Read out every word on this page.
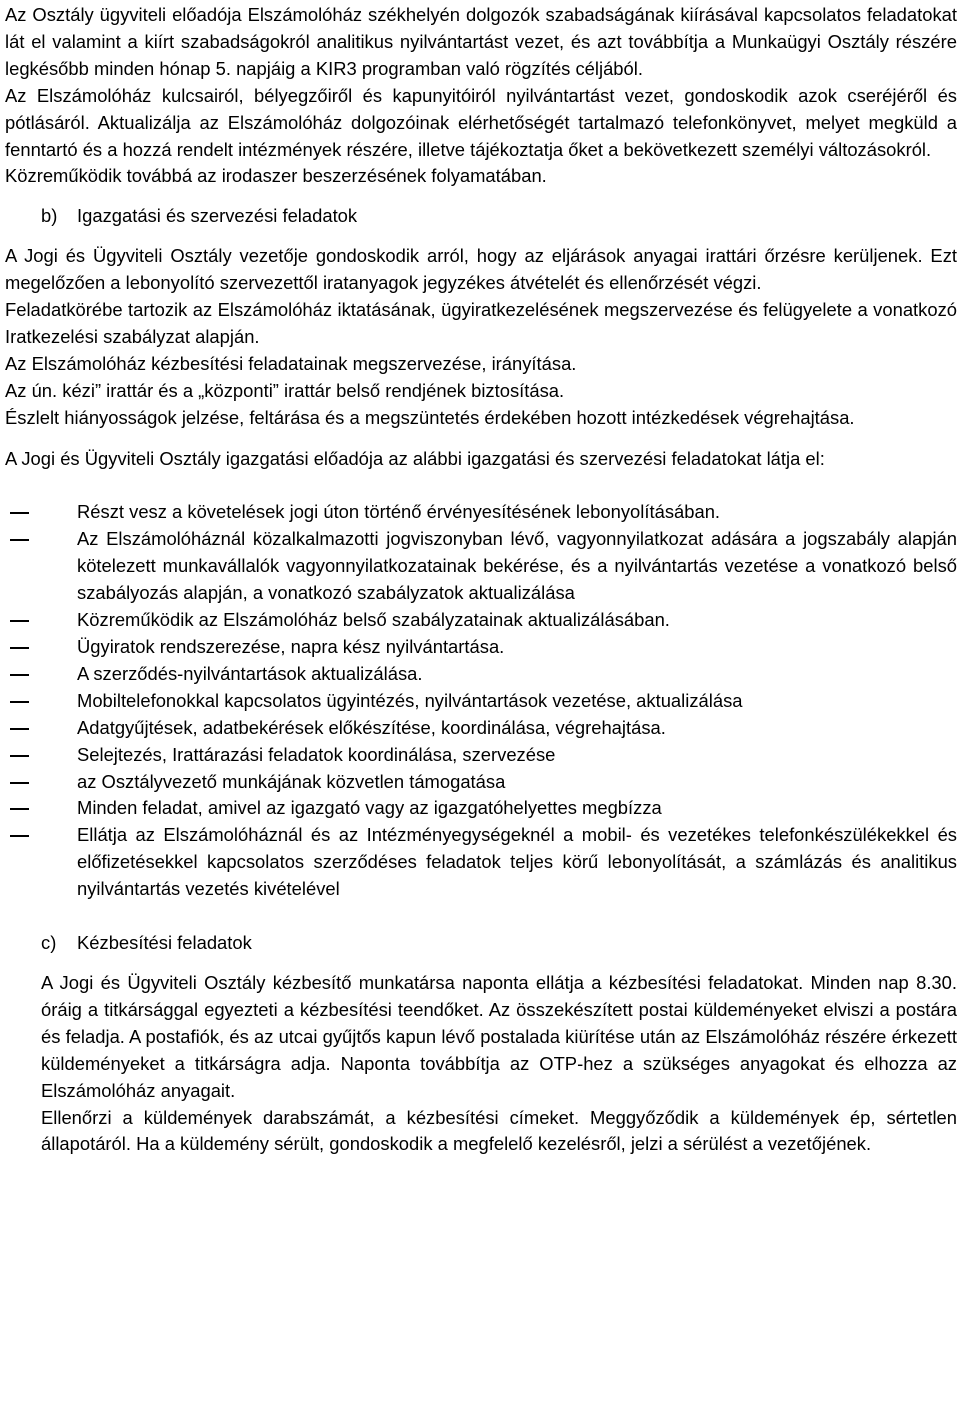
Az Osztály ügyviteli előadója Elszámolóház székhelyén dolgozók szabadságának kiírásával kapcsolatos feladatokat lát el valamint a kiírt szabadságokról analitikus nyilvántartást vezet, és azt továbbítja a Munkaügyi Osztály részére legkésőbb minden hónap 5. napjáig a KIR3 programban való rögzítés céljából.

Az Elszámolóház kulcsairól, bélyegzőiről és kapunyitóiról nyilvántartást vezet, gondoskodik azok cseréjéről és pótlásáról. Aktualizálja az Elszámolóház dolgozóinak elérhetőségét tartalmazó telefonkönyvet, melyet megküld a fenntartó és a hozzá rendelt intézmények részére, illetve tájékoztatja őket a bekövetkezett személyi változásokról.

Közreműködik továbbá az irodaszer beszerzésének folyamatában.

b) Igazgatási és szervezési feladatok

A Jogi és Ügyviteli Osztály vezetője gondoskodik arról, hogy az eljárások anyagai irattári őrzésre kerüljenek. Ezt megelőzően a lebonyolító szervezettől iratanyagok jegyzékes átvételét és ellenőrzését végzi.

Feladatkörébe tartozik az Elszámolóház iktatásának, ügyiratkezelésének megszervezése és felügyelete a vonatkozó Iratkezelési szabályzat alapján.

Az Elszámolóház kézbesítési feladatainak megszervezése, irányítása.

Az ún. kézi” irattár és a „központi” irattár belső rendjének biztosítása.

Észlelt hiányosságok jelzése, feltárása és a megszüntetés érdekében hozott intézkedések végrehajtása.

A Jogi és Ügyviteli Osztály igazgatási előadója az alábbi igazgatási és szervezési feladatokat látja el:

Részt vesz a követelések jogi úton történő érvényesítésének lebonyolításában.
Az Elszámolóháznál közalkalmazotti jogviszonyban lévő, vagyonnyilatkozat adására a jogszabály alapján kötelezett munkavállalók vagyonnyilatkozatainak bekérése, és a nyilvántartás vezetése a vonatkozó belső szabályozás alapján, a vonatkozó szabályzatok aktualizálása
Közreműködik az Elszámolóház belső szabályzatainak aktualizálásában.
Ügyiratok rendszerezése, napra kész nyilvántartása.
A szerződés-nyilvántartások aktualizálása.
Mobiltelefonokkal kapcsolatos ügyintézés, nyilvántartások vezetése, aktualizálása
Adatgyűjtések, adatbekérések előkészítése, koordinálása, végrehajtása.
Selejtezés, Irattárazási feladatok koordinálása, szervezése
az Osztályvezető munkájának közvetlen támogatása
Minden feladat, amivel az igazgató vagy az igazgatóhelyettes megbízza
Ellátja az Elszámolóháznál és az Intézményegységeknél a mobil- és vezetékes telefonkészülékekkel és előfizetésekkel kapcsolatos szerződéses feladatok teljes körű lebonyolítását, a számlázás és analitikus nyilvántartás vezetés kivételével
c) Kézbesítési feladatok

A Jogi és Ügyviteli Osztály kézbesítő munkatársa naponta ellátja a kézbesítési feladatokat. Minden nap 8.30. óráig a titkársággal egyezteti a kézbesítési teendőket. Az összekészített postai küldeményeket elviszi a postára és feladja. A postafiók, és az utcai gyűjtős kapun lévő postalada kiürítése után az Elszámolóház részére érkezett küldeményeket a titkárságra adja. Naponta továbbítja az OTP-hez a szükséges anyagokat és elhozza az Elszámolóház anyagait.

Ellenőrzi a küldemények darabszámát, a kézbesítési címeket. Meggyőződik a küldemények ép, sértetlen állapotáról. Ha a küldemény sérült, gondoskodik a megfelelő kezelésről, jelzi a sérülést a vezetőjének.
